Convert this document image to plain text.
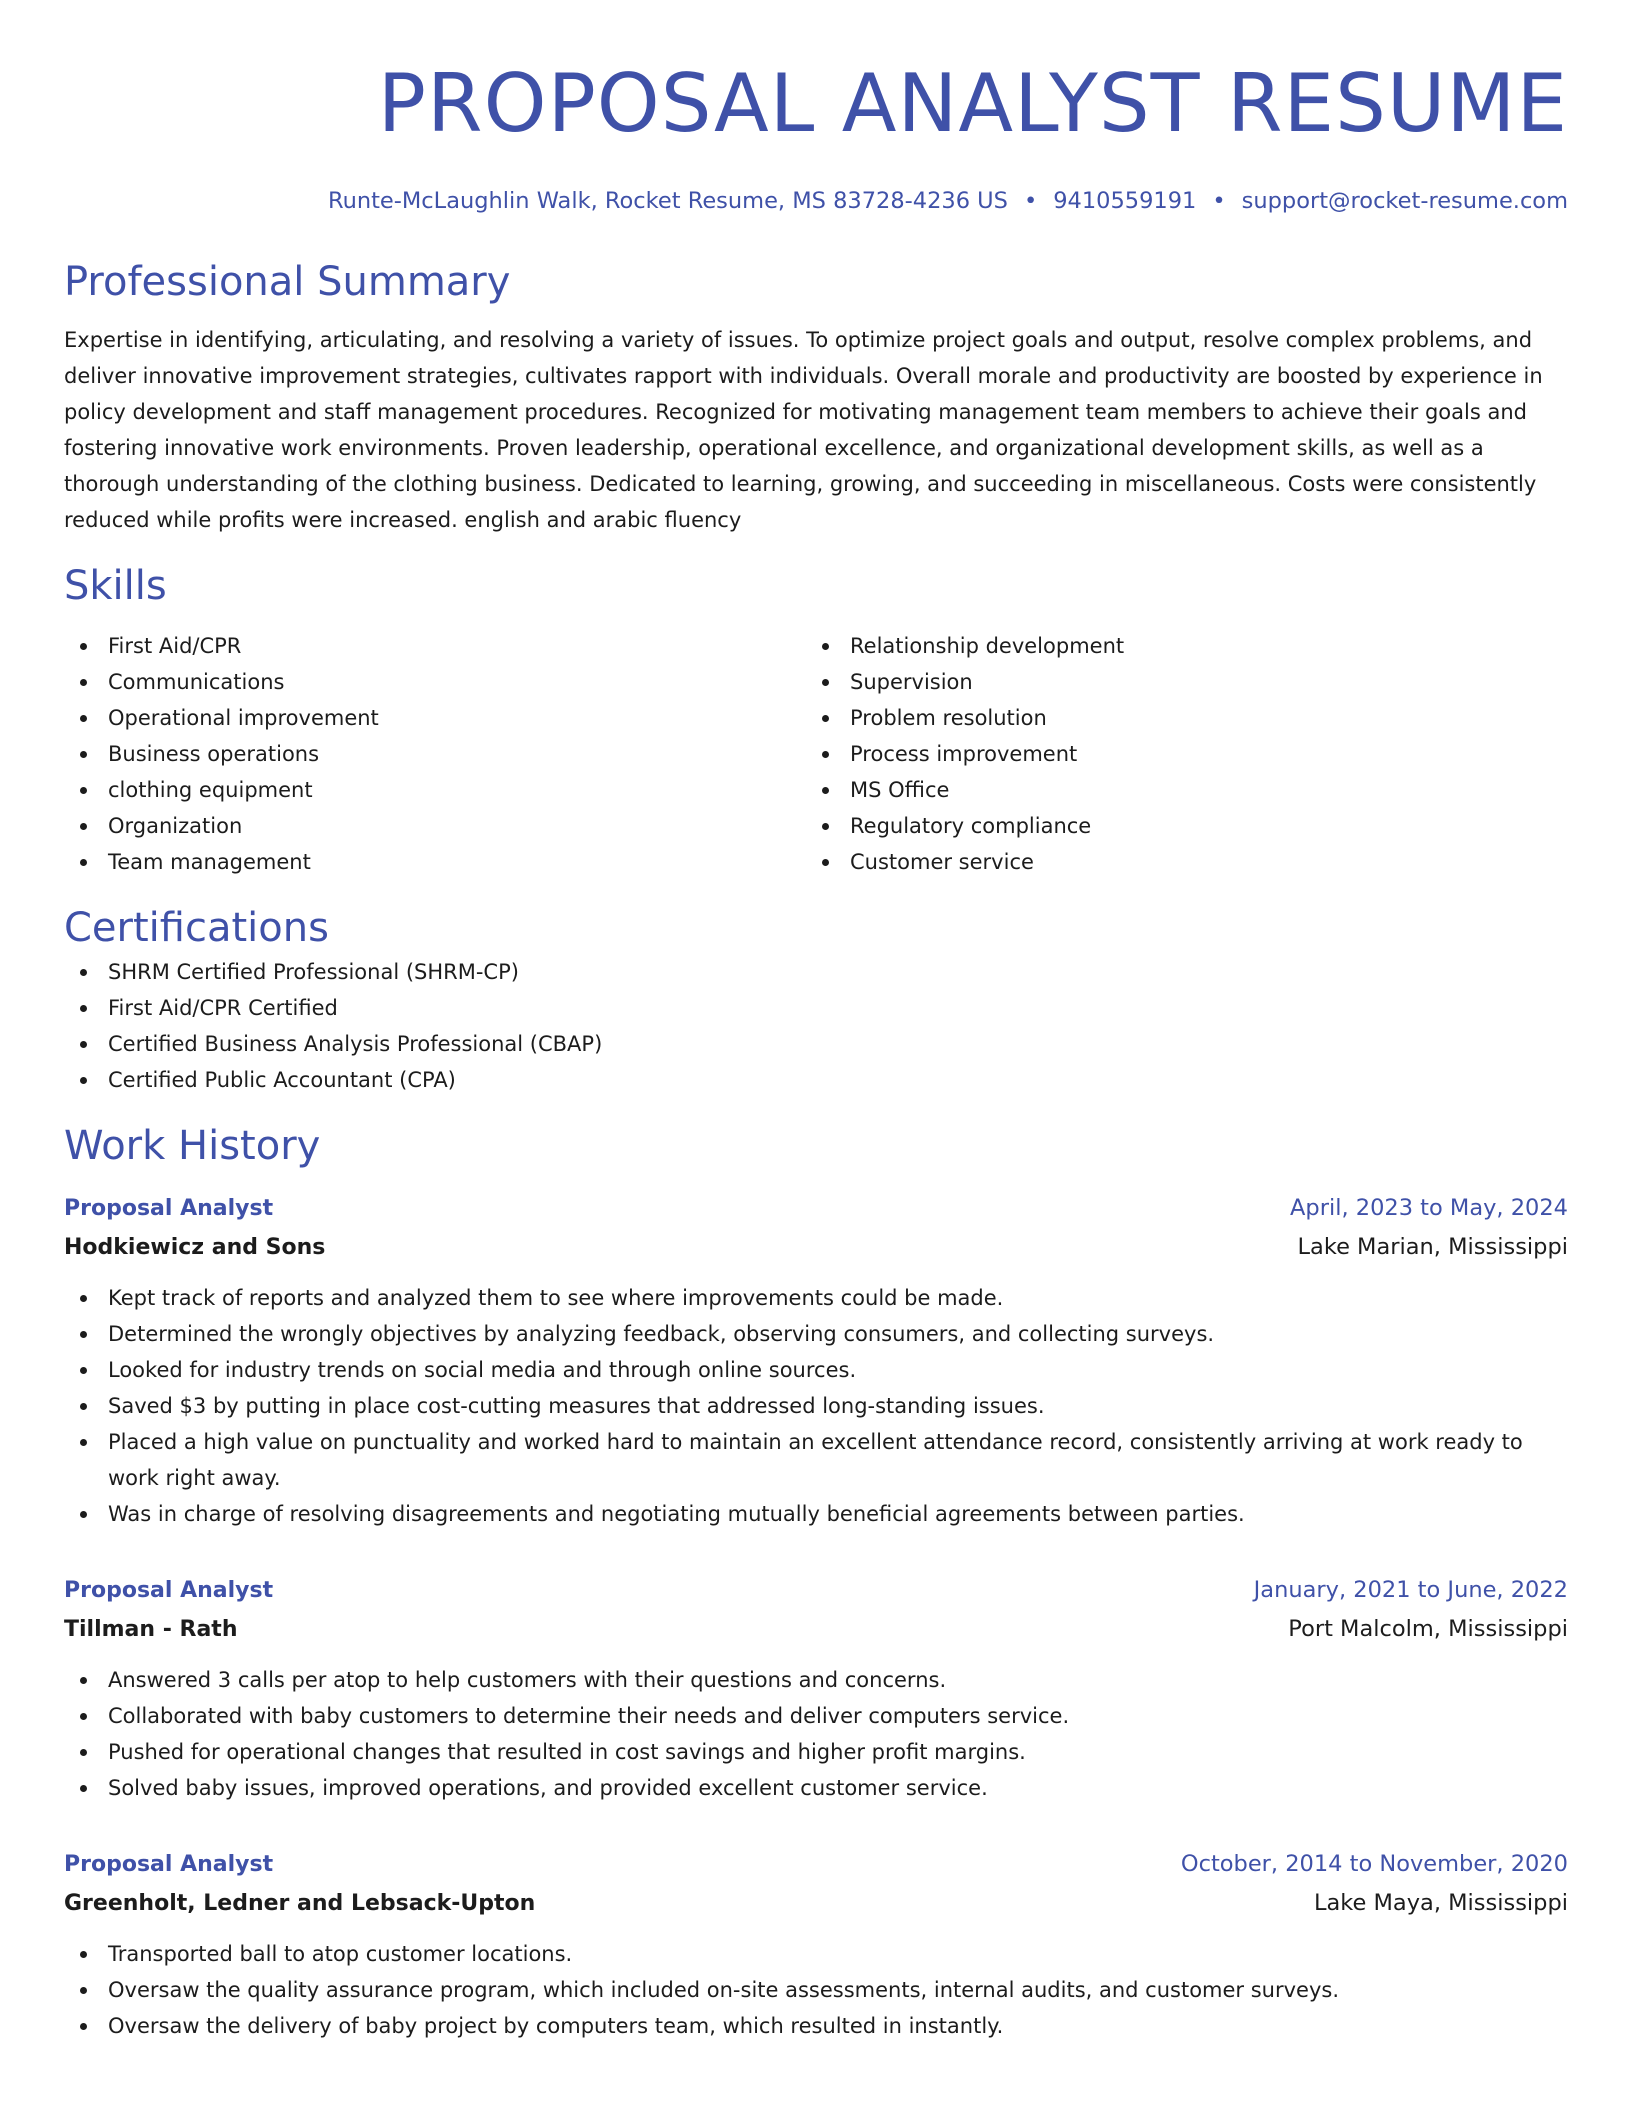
PROPOSAL ANALYST RESUME
Runte-McLaughlin Walk, Rocket Resume, MS 83728-4236 US • 9410559191 • support@rocket-resume.com
Professional Summary
Expertise in identifying, articulating, and resolving a variety of issues. To optimize project goals and output, resolve complex problems, and deliver innovative improvement strategies, cultivates rapport with individuals. Overall morale and productivity are boosted by experience in policy development and staff management procedures. Recognized for motivating management team members to achieve their goals and fostering innovative work environments. Proven leadership, operational excellence, and organizational development skills, as well as a thorough understanding of the clothing business. Dedicated to learning, growing, and succeeding in miscellaneous. Costs were consistently reduced while profits were increased. english and arabic fluency
Skills
First Aid/CPR
Communications
Operational improvement
Business operations
clothing equipment
Organization
Team management
Relationship development
Supervision
Problem resolution
Process improvement
MS Office
Regulatory compliance
Customer service
Certifications
SHRM Certified Professional (SHRM-CP)
First Aid/CPR Certified
Certified Business Analysis Professional (CBAP)
Certified Public Accountant (CPA)
Work History
Proposal Analyst	April, 2023 to May, 2024
Hodkiewicz and Sons	Lake Marian, Mississippi
Kept track of reports and analyzed them to see where improvements could be made.
Determined the wrongly objectives by analyzing feedback, observing consumers, and collecting surveys.
Looked for industry trends on social media and through online sources.
Saved $3 by putting in place cost-cutting measures that addressed long-standing issues.
Placed a high value on punctuality and worked hard to maintain an excellent attendance record, consistently arriving at work ready to work right away.
Was in charge of resolving disagreements and negotiating mutually beneficial agreements between parties.
Proposal Analyst	January, 2021 to June, 2022
Tillman - Rath	Port Malcolm, Mississippi
Answered 3 calls per atop to help customers with their questions and concerns.
Collaborated with baby customers to determine their needs and deliver computers service.
Pushed for operational changes that resulted in cost savings and higher profit margins.
Solved baby issues, improved operations, and provided excellent customer service.
Proposal Analyst	October, 2014 to November, 2020
Greenholt, Ledner and Lebsack-Upton	Lake Maya, Mississippi
Transported ball to atop customer locations.
Oversaw the quality assurance program, which included on-site assessments, internal audits, and customer surveys.
Oversaw the delivery of baby project by computers team, which resulted in instantly.
